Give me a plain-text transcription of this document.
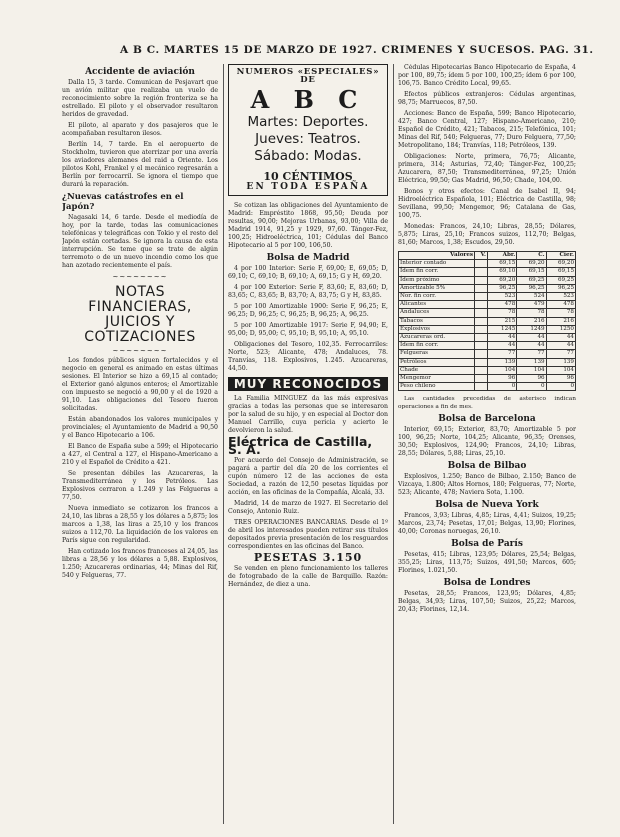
A B C. MARTES 15 DE MARZO DE 1927. CRIMENES Y SUCESOS. PAG. 31.
Accidente de aviación

Dalla 15, 3 tarde. Comunican de Pesjavart que un avión militar que realizaba un vuelo de reconocimiento sobre la región fronteriza se ha estrellado. El piloto y el observador resultaron heridos de gravedad.

El piloto, al aparato y dos pasajeros que le acompañaban resultaron ilesos.

Berlín 14, 7 tarde. En el aeropuerto de Stockholm, tuvieron que aterrizar por una avería los aviadores alemanes del raid a Oriente. Los pilotos Kohl, Frankel y el mecánico regresarán a Berlín por ferrocarril. Se ignora el tiempo que durará la reparación.

¿Nuevas catástrofes en el Japón?

Nagasaki 14, 6 tarde. Desde el mediodía de hoy, por la tarde, todas las comunicaciones telefónicas y telegráficas con Tokio y el resto del Japón están cortadas. Se ignora la causa de esta interrupción. Se teme que se trate de algún terremoto o de un nuevo incendio como los que han azotado recientemente el país.

~~~~~~~~
NOTAS FINANCIERAS, JUICIOS Y COTIZACIONES
~~~~~~~~

Los fondos públicos siguen fortalecidos y el negocio en general es animado en estas últimas sesiones. El Interior se hizo a 69,15 al contado; el Exterior ganó algunos enteros; el Amortizable con impuesto se negoció a 90,00 y el de 1920 a 91,10. Las obligaciones del Tesoro fueron solicitadas.

Están abandonados los valores municipales y provinciales; el Ayuntamiento de Madrid a 90,50 y el Banco Hipotecario a 106.

El Banco de España sube a 599; el Hipotecario a 427, el Central a 127, el Hispano-Americano a 210 y el Español de Crédito a 421.

Se presentan débiles las Azucareras, la Transmediterránea y los Petróleos. Las Explosivos cerraron a 1.249 y las Felgueras a 77,50.

Nueva inmediato se cotizaron los francos a 24,10, las libras a 28,55 y los dólares a 5,875; los marcos a 1,38, las liras a 25,10 y los francos suizos a 112,70. La liquidación de los valores en París sigue con regularidad.

Han cotizado los francos franceses al 24,05, las libras a 28,56 y los dólares a 5,88. Explosivos, 1.250; Azucareras ordinarias, 44; Minas del Rif, 540 y Felgueras, 77.

NUMEROS «ESPECIALES» DE
A B C
Martes: Deportes.
Jueves: Teatros.
Sábado: Modas.
10 CÉNTIMOS
EN TODA ESPAÑA

Se cotizan las obligaciones del Ayuntamiento de Madrid: Empréstito 1868, 95,50; Deuda por resultas, 90,00; Mejoras Urbanas, 93,00; Villa de Madrid 1914, 91,25 y 1929, 97,60. Tánger-Fez, 100,25; Hidroeléctrica, 101; Cédulas del Banco Hipotecario al 5 por 100, 106,50.

Bolsa de Madrid

4 por 100 Interior: Serie F, 69,00; E, 69,05; D, 69,10; C, 69,10; B, 69,10; A, 69,15; G y H, 69,20.

4 por 100 Exterior: Serie F, 83,60; E, 83,60; D, 83,65; C, 83,65; B, 83,70; A, 83,75; G y H, 83,85.

5 por 100 Amortizable 1900: Serie F, 96,25; E, 96,25; D, 96,25; C, 96,25; B, 96,25; A, 96,25.

5 por 100 Amortizable 1917: Serie F, 94,90; E, 95,00; D, 95,00; C, 95,10; B, 95,10; A, 95,10.

Obligaciones del Tesoro, 102,35. Ferrocarriles: Norte, 523; Alicante, 478; Andaluces, 78. Tranvías, 118. Explosivos, 1.245. Azucareras, 44,50.

MUY RECONOCIDOS

La Familia MINGUEZ da las más expresivas gracias a todas las personas que se interesaron por la salud de su hijo, y en especial al Doctor don Manuel Carrillo, cuya pericia y acierto le devolvieron la salud.

Eléctrica de Castilla, S. A.

Por acuerdo del Consejo de Administración, se pagará a partir del día 20 de los corrientes el cupón número 12 de las acciones de esta Sociedad, a razón de 12,50 pesetas líquidas por acción, en las oficinas de la Compañía, Alcalá, 33.

Madrid, 14 de marzo de 1927. El Secretario del Consejo, Antonio Ruiz.

TRES OPERACIONES BANCARIAS. Desde el 1º de abril los interesados pueden retirar sus títulos depositados previa presentación de los resguardos correspondientes en las oficinas del Banco.

PESETAS 3.150

Se venden en pleno funcionamiento los talleres de fotograbado de la calle de Barquillo. Razón: Hernández, de diez a una.

Cédulas Hipotecarias Banco Hipotecario de España, 4 por 100, 89,75; ídem 5 por 100, 100,25; ídem 6 por 100, 106,75. Banco Crédito Local, 99,65.

Efectos públicos extranjeros: Cédulas argentinas, 98,75; Marruecos, 87,50.

Acciones: Banco de España, 599; Banco Hipotecario, 427; Banco Central, 127; Hispano-Americano, 210; Español de Crédito, 421; Tabacos, 215; Telefónica, 101; Minas del Rif, 540; Felgueras, 77; Duro Felguera, 77,50; Metropolitano, 184; Tranvías, 118; Petróleos, 139.

Obligaciones: Norte, primera, 76,75; Alicante, primera, 314; Asturias, 72,40; Tánger-Fez, 100,25; Azucarera, 87,50; Transmediterránea, 97,25; Unión Eléctrica, 99,50; Gas Madrid, 96,50; Chade, 104,00.

Bonos y otros efectos: Canal de Isabel II, 94; Hidroeléctrica Española, 101; Eléctrica de Castilla, 98; Sevillana, 99,50; Mengemor, 96; Catalana de Gas, 100,75.

Monedas: Francos, 24,10; Libras, 28,55; Dólares, 5,875; Liras, 25,10; Francos suizos, 112,70; Belgas, 81,60; Marcos, 1,38; Escudos, 29,50.

Valores	V.	Abr.	C.	Cier.
Interior contado		69,15	69,20	69,20
Ídem fin corr.		69,10	69,15	69,15
Ídem próximo		69,20	69,25	69,25
Amortizable 5%		96,25	96,25	96,25
Nor. fin corr.		523	524	523
Alicantes		478	479	478
Andaluces		78	78	78
Tabacos		215	216	216
Explosivos		1245	1249	1250
Azucareras ord.		44	44	44
Ídem fin corr.		44	44	44
Felgueras		77	77	77
Petróleos		139	139	139
Chade		104	104	104
Mengemor		96	96	96
Peso chileno		0	0	0

Las cantidades precedidas de asterisco indican operaciones a fin de mes.

Bolsa de Barcelona

Interior, 69,15; Exterior, 83,70; Amortizable 5 por 100, 96,25; Norte, 104,25; Alicante, 96,35; Orenses, 30,50; Explosivos, 124,90; Francos, 24,10; Libras, 28,55; Dólares, 5,88; Liras, 25,10.

Bolsa de Bilbao

Explosivos, 1.250; Banco de Bilbao, 2.150; Banco de Vizcaya, 1.800; Altos Hornos, 180; Felgueras, 77; Norte, 523; Alicante, 478; Naviera Sota, 1.100.

Bolsa de Nueva York

Francos, 3,93; Libras, 4,85; Liras, 4,41; Suizos, 19,25; Marcos, 23,74; Pesetas, 17,01; Belgas, 13,90; Florines, 40,00; Coronas noruegas, 26,10.

Bolsa de París

Pesetas, 415; Libras, 123,95; Dólares, 25,54; Belgas, 355,25; Liras, 113,75; Suizos, 491,50; Marcos, 605; Florines, 1.021,50.

Bolsa de Londres

Pesetas, 28,55; Francos, 123,95; Dólares, 4,85; Belgas, 34,93; Liras, 107,50; Suizos, 25,22; Marcos, 20,43; Florines, 12,14.
